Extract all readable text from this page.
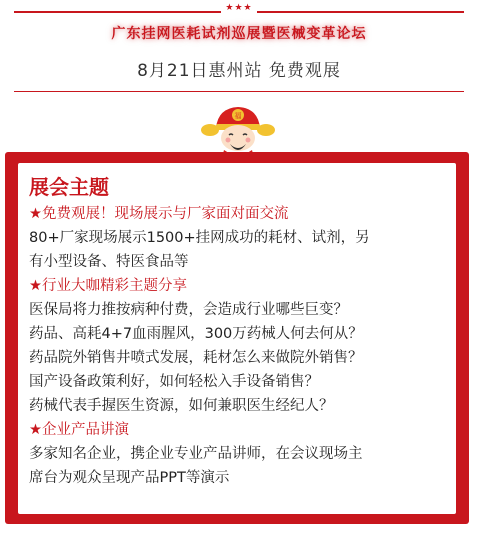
★★★
广东挂网医耗试剂巡展暨医械变革论坛
8月21日惠州站 免费观展
福
展会主题
★免费观展！现场展示与厂家面对面交流
80+厂家现场展示1500+挂网成功的耗材、试剂，另
有小型设备、特医食品等
★行业大咖精彩主题分享
医保局将力推按病种付费，会造成行业哪些巨变？
药品、高耗4+7血雨腥风，300万药械人何去何从？
药品院外销售井喷式发展，耗材怎么来做院外销售？
国产设备政策利好，如何轻松入手设备销售？
药械代表手握医生资源，如何兼职医生经纪人？
★企业产品讲演
多家知名企业，携企业专业产品讲师，在会议现场主
席台为观众呈现产品PPT等演示
